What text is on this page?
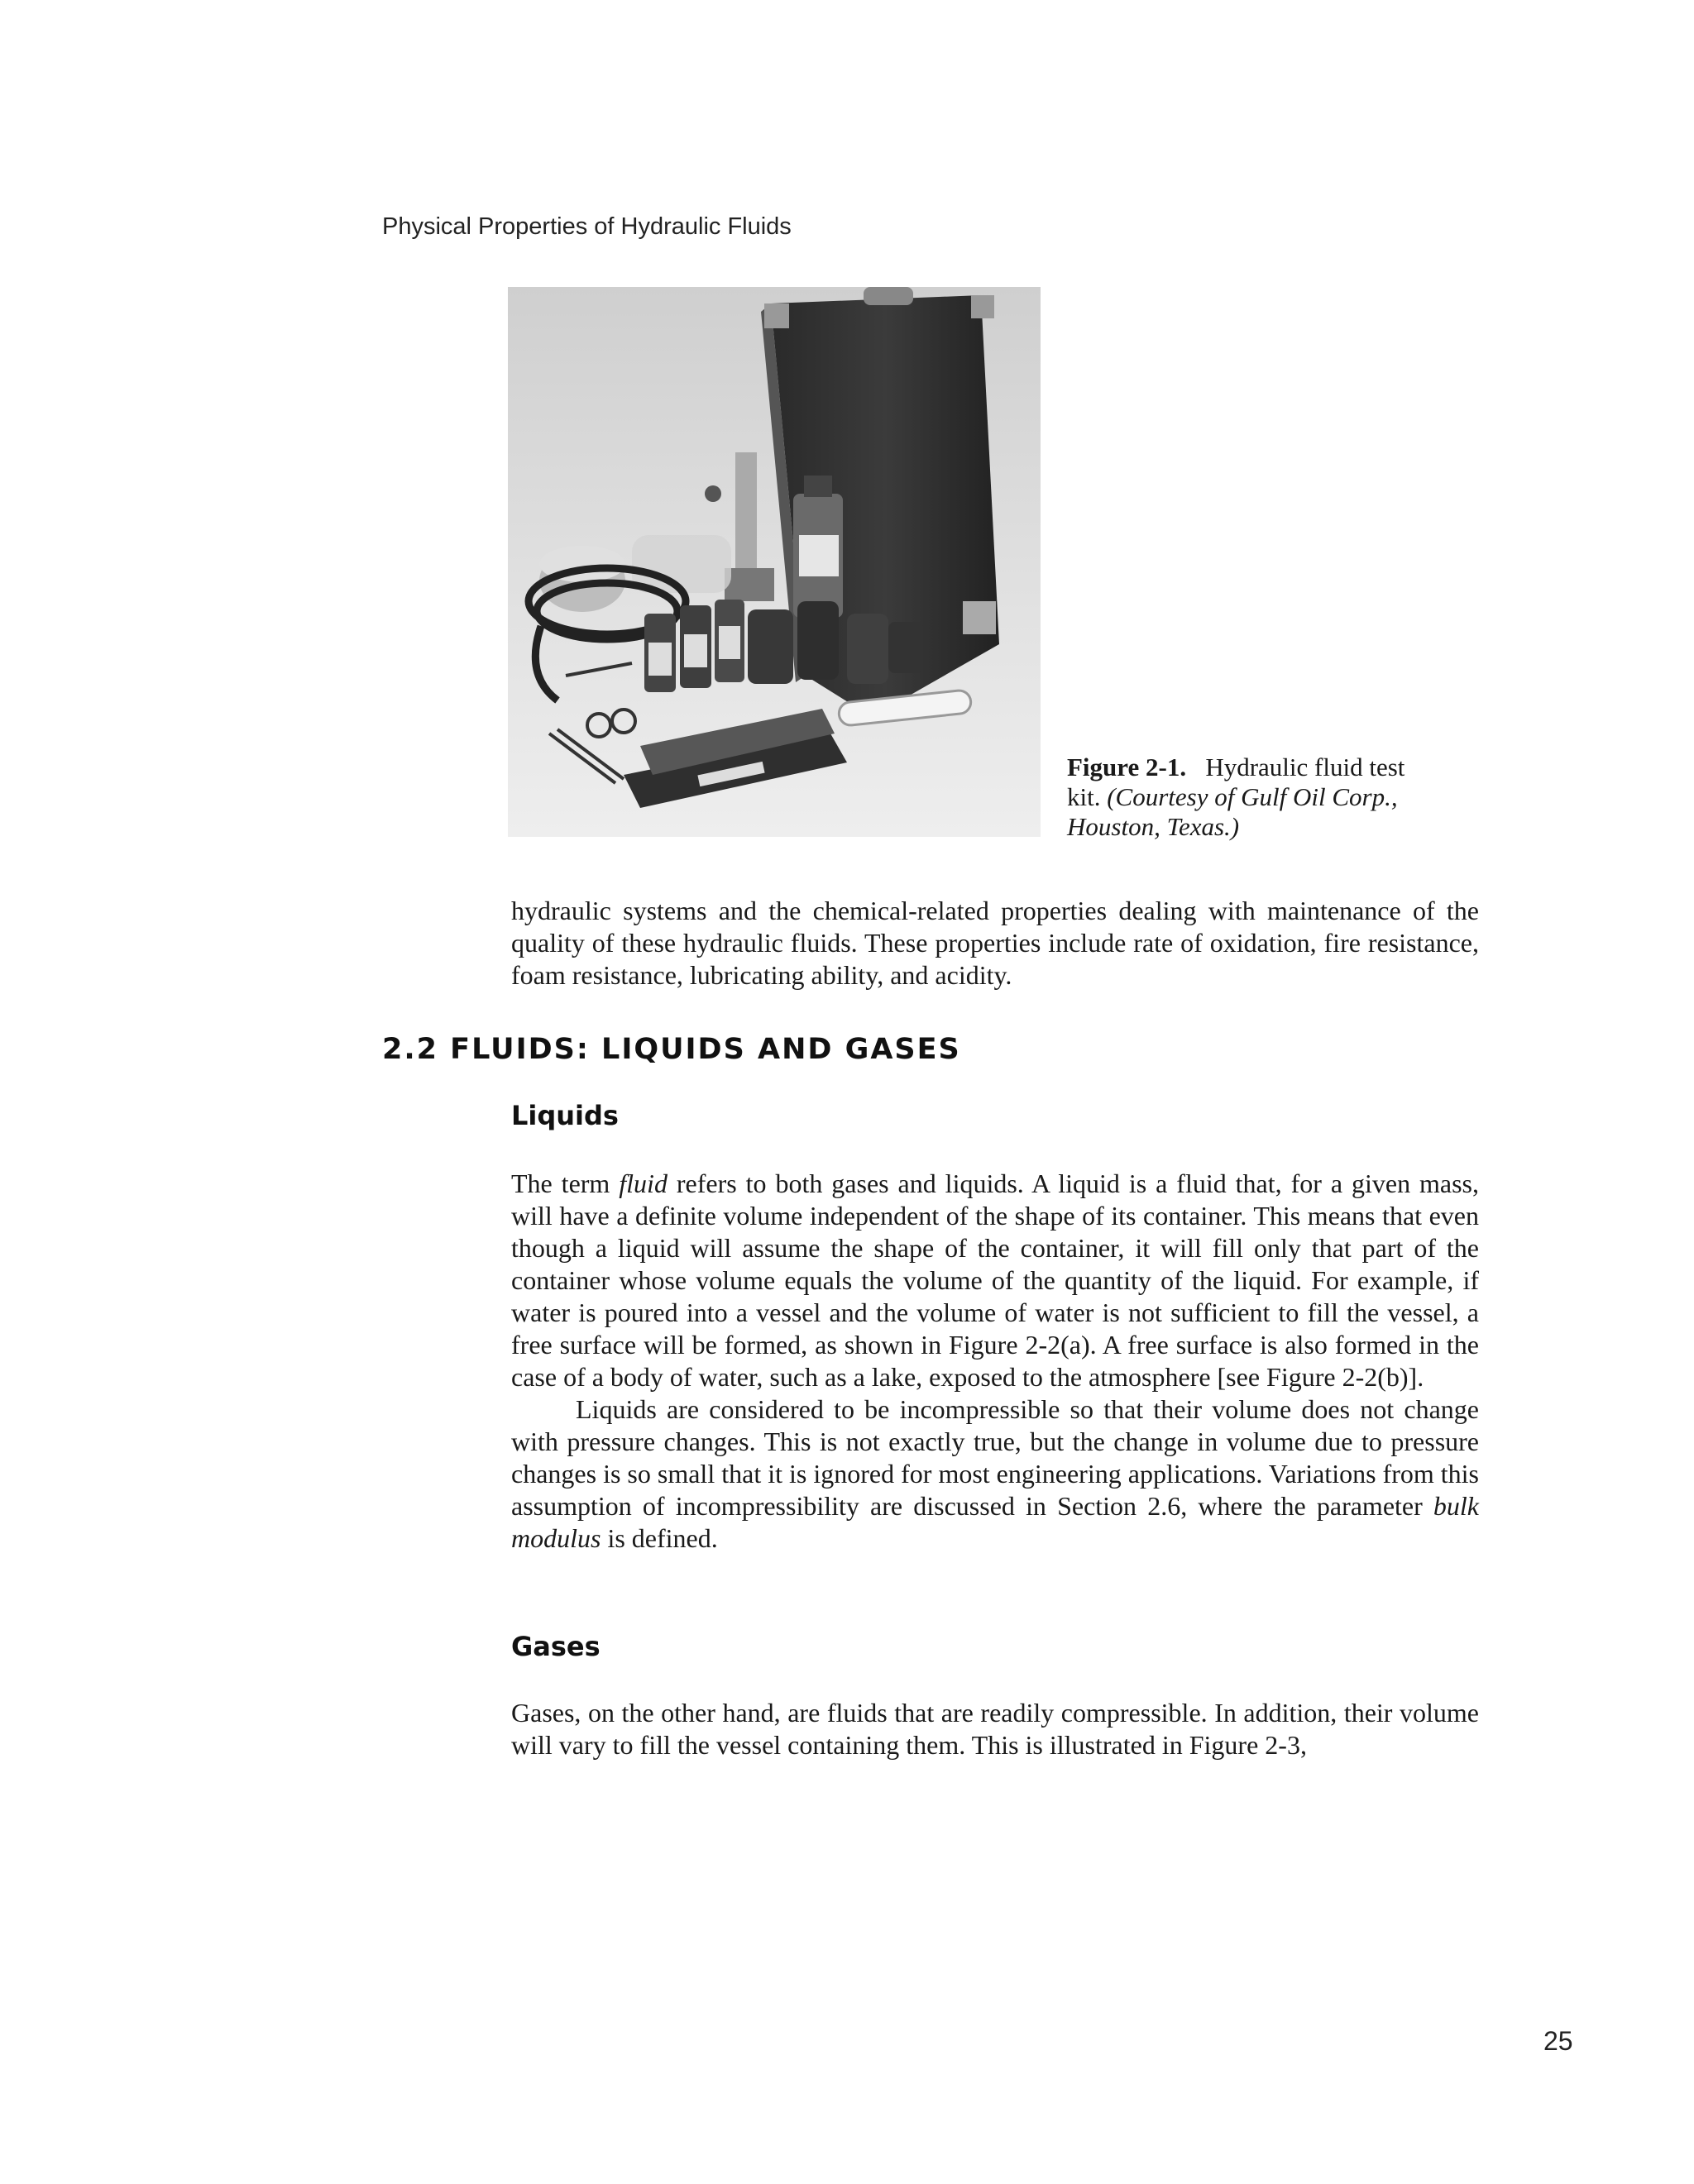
Physical Properties of Hydraulic Fluids
Figure 2-1. Hydraulic fluid test kit. (Courtesy of Gulf Oil Corp., Houston, Texas.)

hydraulic systems and the chemical-related properties dealing with maintenance of the quality of these hydraulic fluids. These properties include rate of oxidation, fire resistance, foam resistance, lubricating ability, and acidity.

2.2 FLUIDS: LIQUIDS AND GASES
Liquids

The term fluid refers to both gases and liquids. A liquid is a fluid that, for a given mass, will have a definite volume independent of the shape of its container. This means that even though a liquid will assume the shape of the container, it will fill only that part of the container whose volume equals the volume of the quantity of the liquid. For example, if water is poured into a vessel and the volume of water is not sufficient to fill the vessel, a free surface will be formed, as shown in Figure 2-2(a). A free surface is also formed in the case of a body of water, such as a lake, exposed to the atmosphere [see Figure 2-2(b)].

Liquids are considered to be incompressible so that their volume does not change with pressure changes. This is not exactly true, but the change in volume due to pressure changes is so small that it is ignored for most engineering applications. Variations from this assumption of incompressibility are discussed in Section 2.6, where the parameter bulk modulus is defined.

Gases

Gases, on the other hand, are fluids that are readily compressible. In addition, their volume will vary to fill the vessel containing them. This is illustrated in Figure 2-3,

25
